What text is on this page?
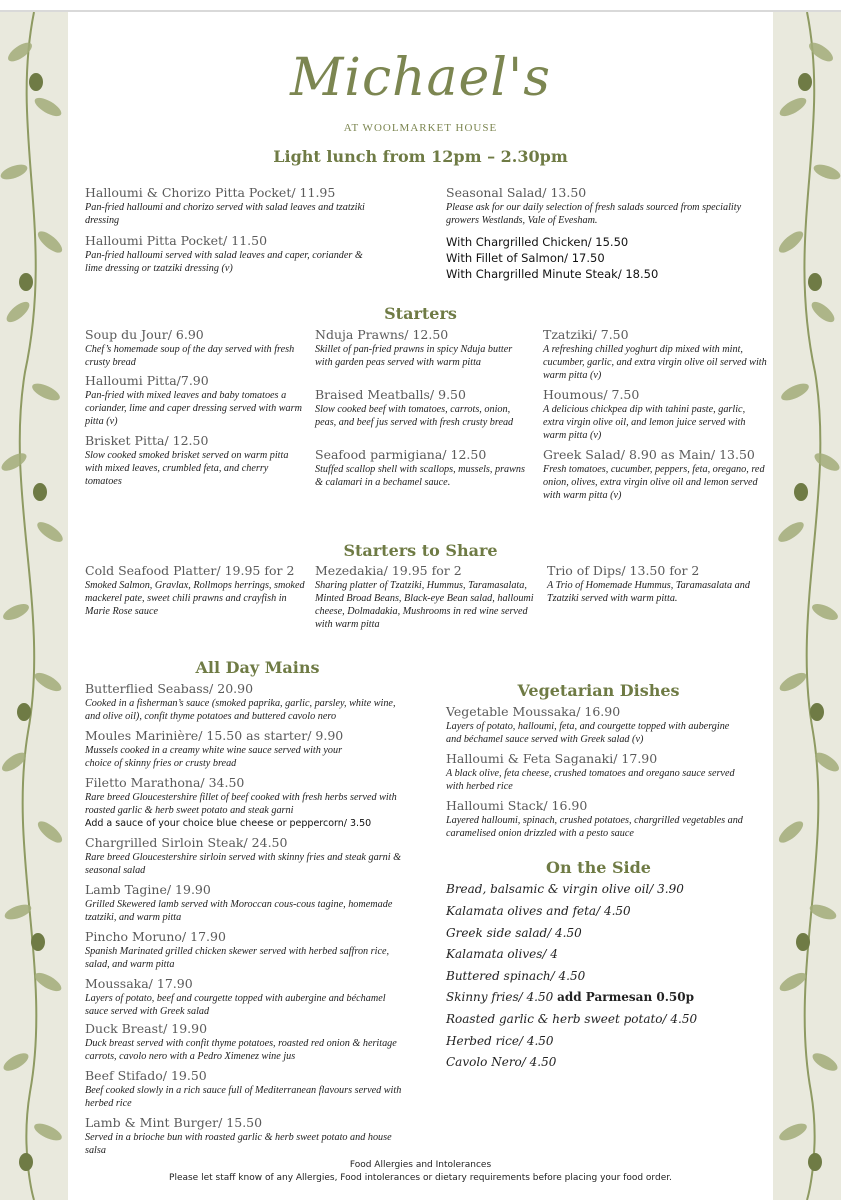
Michael's
AT WOOLMARKET HOUSE
Light lunch from 12pm – 2.30pm
Halloumi & Chorizo Pitta Pocket/ 11.95
Pan-fried halloumi and chorizo served with salad leaves and tzatziki dressing
Halloumi Pitta Pocket/ 11.50
Pan-fried halloumi served with salad leaves and caper, coriander & lime dressing or tzatziki dressing (v)
Seasonal Salad/ 13.50
Please ask for our daily selection of fresh salads sourced from speciality growers Westlands, Vale of Evesham.
With Chargrilled Chicken/ 15.50
With Fillet of Salmon/ 17.50
With Chargrilled Minute Steak/ 18.50
Starters
Soup du Jour/ 6.90
Chef’s homemade soup of the day served with fresh crusty bread
Halloumi Pitta/7.90
Pan-fried with mixed leaves and baby tomatoes a coriander, lime and caper dressing served with warm pitta (v)
Brisket Pitta/ 12.50
Slow cooked smoked brisket served on warm pitta with mixed leaves, crumbled feta, and cherry tomatoes
Nduja Prawns/ 12.50
Skillet of pan-fried prawns in spicy Nduja butter with garden peas served with warm pitta
Braised Meatballs/ 9.50
Slow cooked beef with tomatoes, carrots, onion, peas, and beef jus served with fresh crusty bread
Seafood parmigiana/ 12.50
Stuffed scallop shell with scallops, mussels, prawns & calamari in a bechamel sauce.
Tzatziki/ 7.50
A refreshing chilled yoghurt dip mixed with mint, cucumber, garlic, and extra virgin olive oil served with warm pitta (v)
Houmous/ 7.50
A delicious chickpea dip with tahini paste, garlic, extra virgin olive oil, and lemon juice served with warm pitta (v)
Greek Salad/ 8.90 as Main/ 13.50
Fresh tomatoes, cucumber, peppers, feta, oregano, red onion, olives, extra virgin olive oil and lemon served with warm pitta (v)
Starters to Share
Cold Seafood Platter/ 19.95 for 2
Smoked Salmon, Gravlax, Rollmops herrings, smoked mackerel pate, sweet chili prawns and crayfish in Marie Rose sauce
Mezedakia/ 19.95 for 2
Sharing platter of Tzatziki, Hummus, Taramasalata, Minted Broad Beans, Black-eye Bean salad, halloumi cheese, Dolmadakia, Mushrooms in red wine served with warm pitta
Trio of Dips/ 13.50 for 2
A Trio of Homemade Hummus, Taramasalata and Tzatziki served with warm pitta.
All Day Mains
Butterflied Seabass/ 20.90
Cooked in a fisherman’s sauce (smoked paprika, garlic, parsley, white wine, and olive oil), confit thyme potatoes and buttered cavolo nero
Moules Marinière/ 15.50 as starter/ 9.90
Mussels cooked in a creamy white wine sauce served with your choice of skinny fries or crusty bread
Filetto Marathona/ 34.50
Rare breed Gloucestershire fillet of beef cooked with fresh herbs served with roasted garlic & herb sweet potato and steak garni
Add a sauce of your choice blue cheese or peppercorn/ 3.50
Chargrilled Sirloin Steak/ 24.50
Rare breed Gloucestershire sirloin served with skinny fries and steak garni & seasonal salad
Lamb Tagine/ 19.90
Grilled Skewered lamb served with Moroccan cous-cous tagine, homemade tzatziki, and warm pitta
Pincho Moruno/ 17.90
Spanish Marinated grilled chicken skewer served with herbed saffron rice, salad, and warm pitta
Moussaka/ 17.90
Layers of potato, beef and courgette topped with aubergine and béchamel sauce served with Greek salad
Duck Breast/ 19.90
Duck breast served with confit thyme potatoes, roasted red onion & heritage carrots, cavolo nero with a Pedro Ximenez wine jus
Beef Stifado/ 19.50
Beef cooked slowly in a rich sauce full of Mediterranean flavours served with herbed rice
Lamb & Mint Burger/ 15.50
Served in a brioche bun with roasted garlic & herb sweet potato and house salsa
Vegetarian Dishes
Vegetable Moussaka/ 16.90
Layers of potato, halloumi, feta, and courgette topped with aubergine and béchamel sauce served with Greek salad (v)
Halloumi & Feta Saganaki/ 17.90
A black olive, feta cheese, crushed tomatoes and oregano sauce served with herbed rice
Halloumi Stack/ 16.90
Layered halloumi, spinach, crushed potatoes, chargrilled vegetables and caramelised onion drizzled with a pesto sauce
On the Side
Bread, balsamic & virgin olive oil/ 3.90
Kalamata olives and feta/ 4.50
Greek side salad/ 4.50
Kalamata olives/ 4
Buttered spinach/ 4.50
Skinny fries/ 4.50 add Parmesan 0.50p
Roasted garlic & herb sweet potato/ 4.50
Herbed rice/ 4.50
Cavolo Nero/ 4.50
Food Allergies and Intolerances
Please let staff know of any Allergies, Food intolerances or dietary requirements before placing your food order.
